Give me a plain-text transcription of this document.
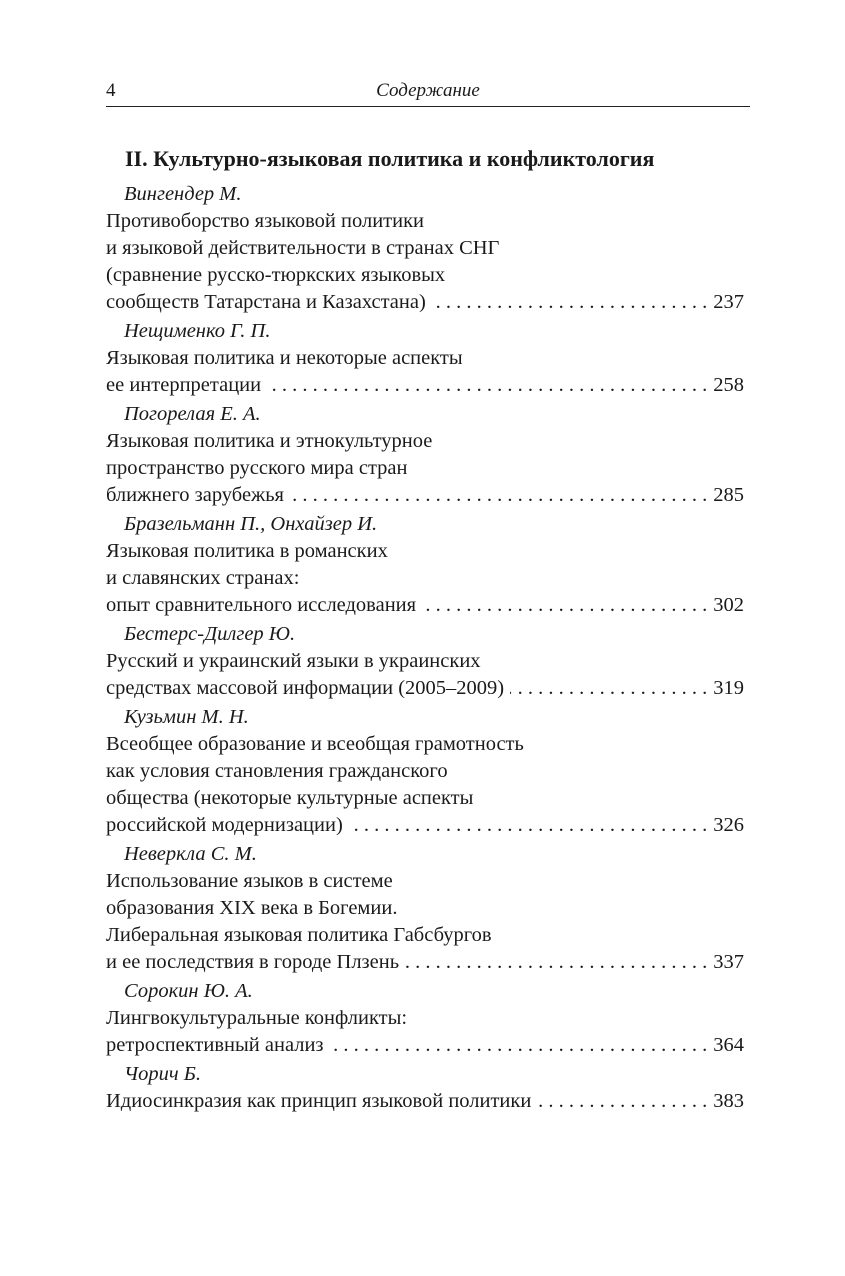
4	Содержание
II. Культурно-языковая политика и конфликтология
Вингендер М.
Противоборство языковой политики
и языковой действительности в странах СНГ
(сравнение русско-тюркских языковых
сообществ Татарстана и Казахстана) . . .	237
Нещименко Г. П.
Языковая политика и некоторые аспекты
ее интерпретации . . .	258
Погорелая Е. А.
Языковая политика и этнокультурное
пространство русского мира стран
ближнего зарубежья . . .	285
Бразельманн П., Онхайзер И.
Языковая политика в романских
и славянских странах:
опыт сравнительного исследования . . .	302
Бестерс-Дилгер Ю.
Русский и украинский языки в украинских
средствах массовой информации (2005–2009) . . .	319
Кузьмин М. Н.
Всеобщее образование и всеобщая грамотность
как условия становления гражданского
общества (некоторые культурные аспекты
российской модернизации) . . .	326
Неверкла С. М.
Использование языков в системе
образования XIX века в Богемии.
Либеральная языковая политика Габсбургов
и ее последствия в городе Плзень . . .	337
Сорокин Ю. А.
Лингвокультуральные конфликты:
ретроспективный анализ . . .	364
Чорич Б.
Идиосинкразия как принцип языковой политики . . .	383
